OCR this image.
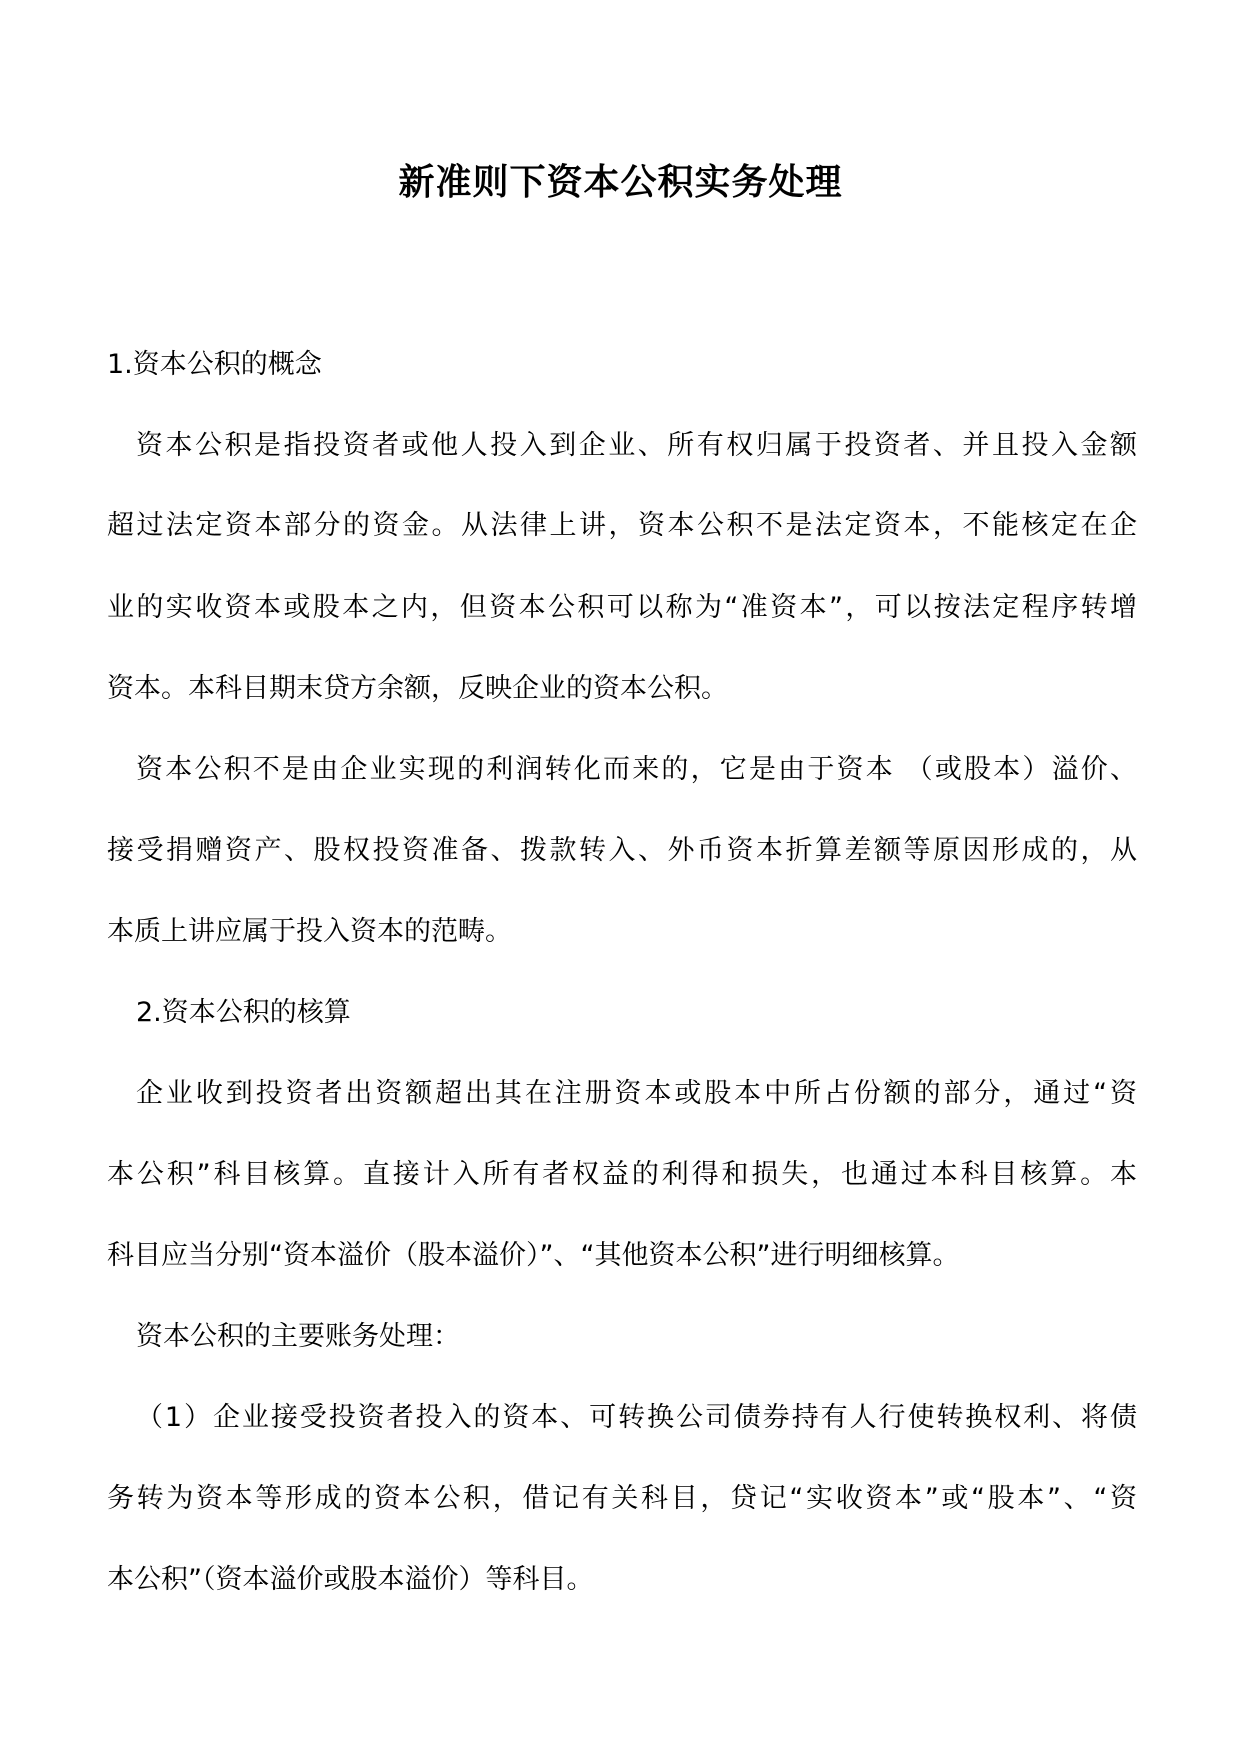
新准则下资本公积实务处理
1.资本公积的概念
资本公积是指投资者或他人投入到企业、所有权归属于投资者、并且投入金额
超过法定资本部分的资金。从法律上讲，资本公积不是法定资本，不能核定在企
业的实收资本或股本之内，但资本公积可以称为“准资本”，可以按法定程序转增
资本。本科目期末贷方余额，反映企业的资本公积。
资本公积不是由企业实现的利润转化而来的，它是由于资本 （或股本）溢价、
接受捐赠资产、股权投资准备、拨款转入、外币资本折算差额等原因形成的，从
本质上讲应属于投入资本的范畴。
2.资本公积的核算
企业收到投资者出资额超出其在注册资本或股本中所占份额的部分，通过“资
本公积”科目核算。直接计入所有者权益的利得和损失，也通过本科目核算。本
科目应当分别“资本溢价（股本溢价）”、“其他资本公积”进行明细核算。
资本公积的主要账务处理：
（1）企业接受投资者投入的资本、可转换公司债券持有人行使转换权利、将债
务转为资本等形成的资本公积，借记有关科目，贷记“实收资本”或“股本”、“资
本公积”（资本溢价或股本溢价）等科目。
